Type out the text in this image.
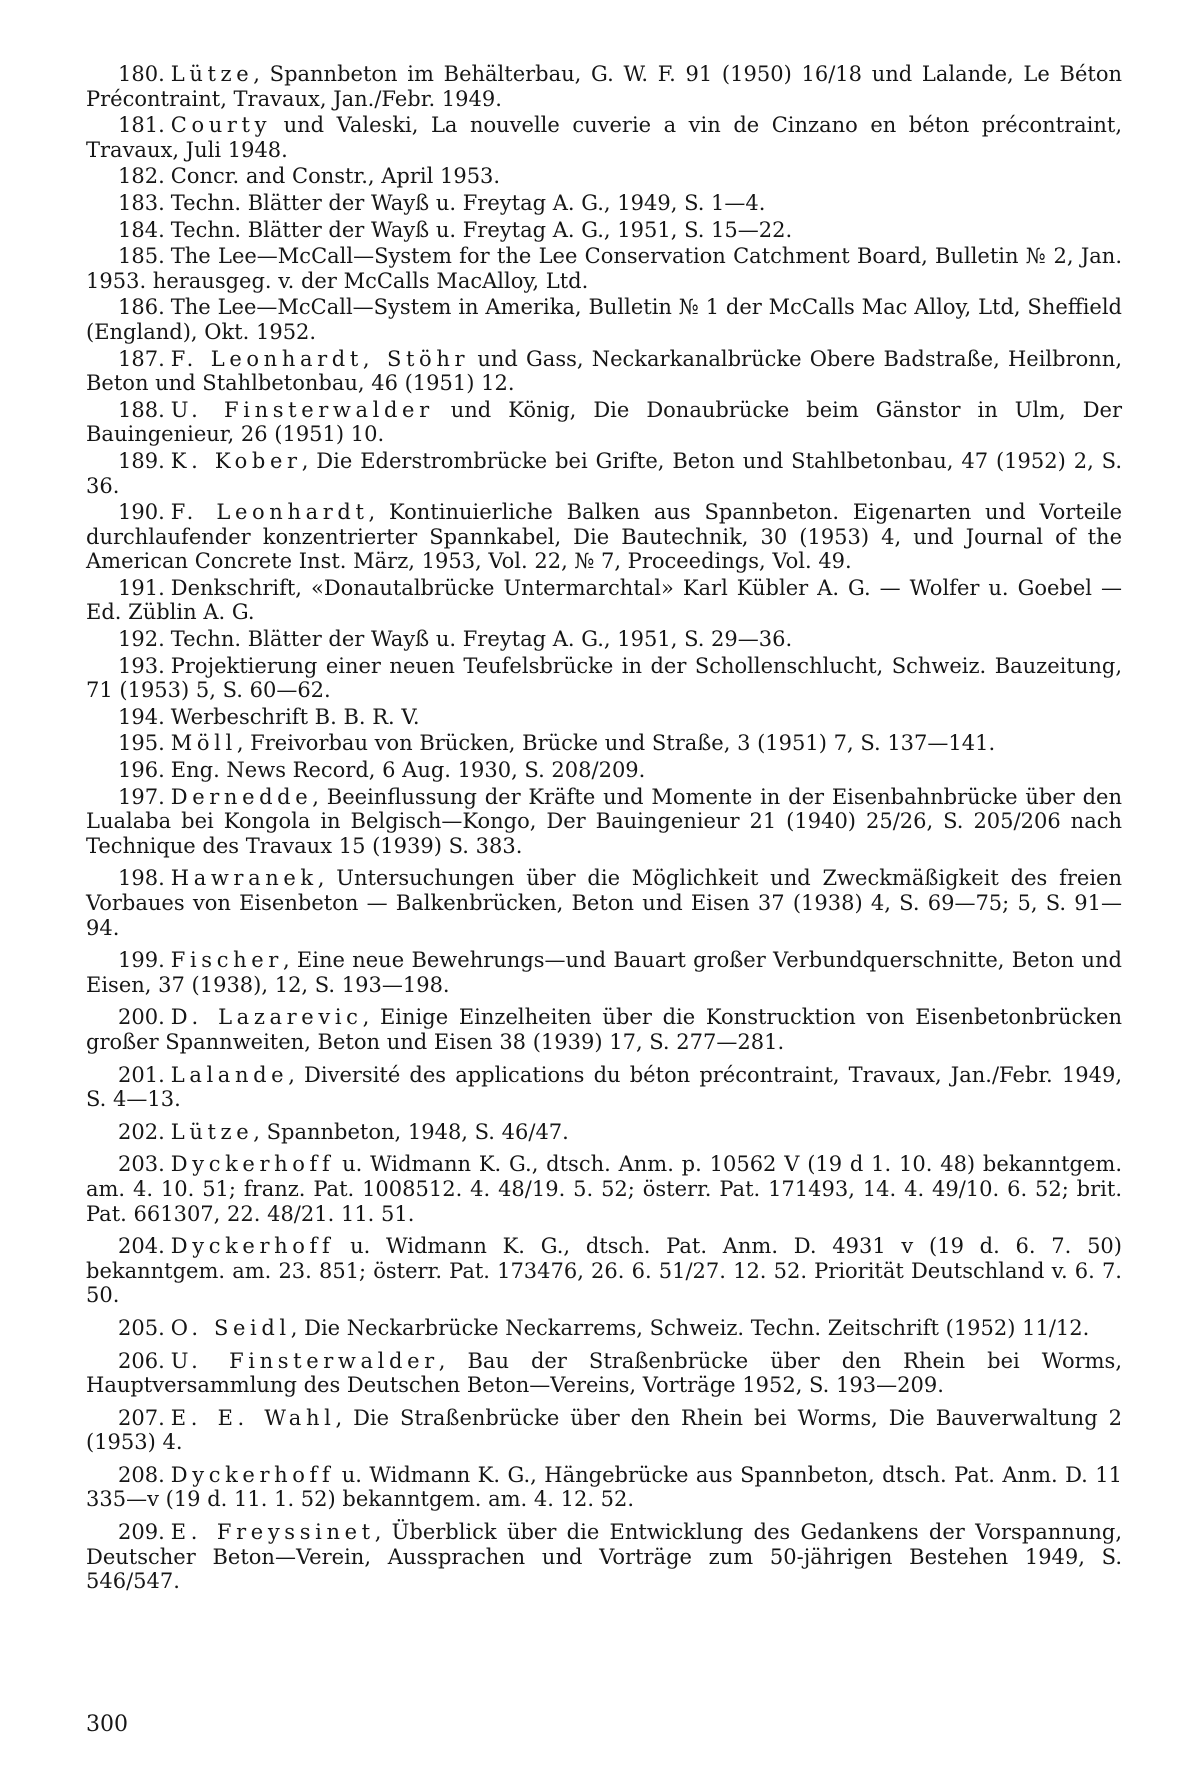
180. Lütze, Spannbeton im Behälterbau, G. W. F. 91 (1950) 16/18 und Lalande, Le Béton Précontraint, Travaux, Jan./Febr. 1949.

181. Courty und Valeski, La nouvelle cuverie a vin de Cinzano en béton précontraint, Travaux, Juli 1948.

182. Concr. and Constr., April 1953.

183. Techn. Blätter der Wayß u. Freytag A. G., 1949, S. 1—4.

184. Techn. Blätter der Wayß u. Freytag A. G., 1951, S. 15—22.

185. The Lee—McCall—System for the Lee Conservation Catchment Board, Bulletin № 2, Jan. 1953. herausgeg. v. der McCalls MacAlloy, Ltd.

186. The Lee—McCall—System in Amerika, Bulletin № 1 der McCalls Mac Alloy, Ltd, Sheffield (England), Okt. 1952.

187. F. Leonhardt, Stöhr und Gass, Neckarkanalbrücke Obere Badstraße, Heilbronn, Beton und Stahlbetonbau, 46 (1951) 12.

188. U. Finsterwalder und König, Die Donaubrücke beim Gänstor in Ulm, Der Bauingenieur, 26 (1951) 10.

189. K. Kober, Die Ederstrombrücke bei Grifte, Beton und Stahlbetonbau, 47 (1952) 2, S. 36.

190. F. Leonhardt, Kontinuierliche Balken aus Spannbeton. Eigenarten und Vorteile durchlaufender konzentrierter Spannkabel, Die Bautechnik, 30 (1953) 4, und Journal of the American Concrete Inst. März, 1953, Vol. 22, № 7, Proceedings, Vol. 49.

191. Denkschrift, «Donautalbrücke Untermarchtal» Karl Kübler A. G. — Wolfer u. Goebel — Ed. Züblin A. G.

192. Techn. Blätter der Wayß u. Freytag A. G., 1951, S. 29—36.

193. Projektierung einer neuen Teufelsbrücke in der Schollenschlucht, Schweiz. Bauzeitung, 71 (1953) 5, S. 60—62.

194. Werbeschrift B. B. R. V.

195. Möll, Freivorbau von Brücken, Brücke und Straße, 3 (1951) 7, S. 137—141.

196. Eng. News Record, 6 Aug. 1930, S. 208/209.

197. Dernedde, Beeinflussung der Kräfte und Momente in der Eisenbahnbrücke über den Lualaba bei Kongola in Belgisch—Kongo, Der Bauingenieur 21 (1940) 25/26, S. 205/206 nach Technique des Travaux 15 (1939) S. 383.

198. Hawranek, Untersuchungen über die Möglichkeit und Zweckmäßigkeit des freien Vorbaues von Eisenbeton — Balkenbrücken, Beton und Eisen 37 (1938) 4, S. 69—75; 5, S. 91—94.

199. Fischer, Eine neue Bewehrungs—und Bauart großer Verbundquerschnitte, Beton und Eisen, 37 (1938), 12, S. 193—198.

200. D. Lazarevic, Einige Einzelheiten über die Konstrucktion von Eisenbetonbrücken großer Spannweiten, Beton und Eisen 38 (1939) 17, S. 277—281.

201. Lalande, Diversité des applications du béton précontraint, Travaux, Jan./Febr. 1949, S. 4—13.

202. Lütze, Spannbeton, 1948, S. 46/47.

203. Dyckerhoff u. Widmann K. G., dtsch. Anm. p. 10562 V (19 d 1. 10. 48) bekanntgem. am. 4. 10. 51; franz. Pat. 1008512. 4. 48/19. 5. 52; österr. Pat. 171493, 14. 4. 49/10. 6. 52; brit. Pat. 661307, 22. 48/21. 11. 51.

204. Dyckerhoff u. Widmann K. G., dtsch. Pat. Anm. D. 4931 v (19 d. 6. 7. 50) bekanntgem. am. 23. 851; österr. Pat. 173476, 26. 6. 51/27. 12. 52. Priorität Deutschland v. 6. 7. 50.

205. O. Seidl, Die Neckarbrücke Neckarrems, Schweiz. Techn. Zeitschrift (1952) 11/12.

206. U. Finsterwalder, Bau der Straßenbrücke über den Rhein bei Worms, Hauptversammlung des Deutschen Beton—Vereins, Vorträge 1952, S. 193—209.

207. E. E. Wahl, Die Straßenbrücke über den Rhein bei Worms, Die Bauverwaltung 2 (1953) 4.

208. Dyckerhoff u. Widmann K. G., Hängebrücke aus Spannbeton, dtsch. Pat. Anm. D. 11 335—v (19 d. 11. 1. 52) bekanntgem. am. 4. 12. 52.

209. E. Freyssinet, Überblick über die Entwicklung des Gedankens der Vorspannung, Deutscher Beton—Verein, Aussprachen und Vorträge zum 50-jährigen Bestehen 1949, S. 546/547.

300
